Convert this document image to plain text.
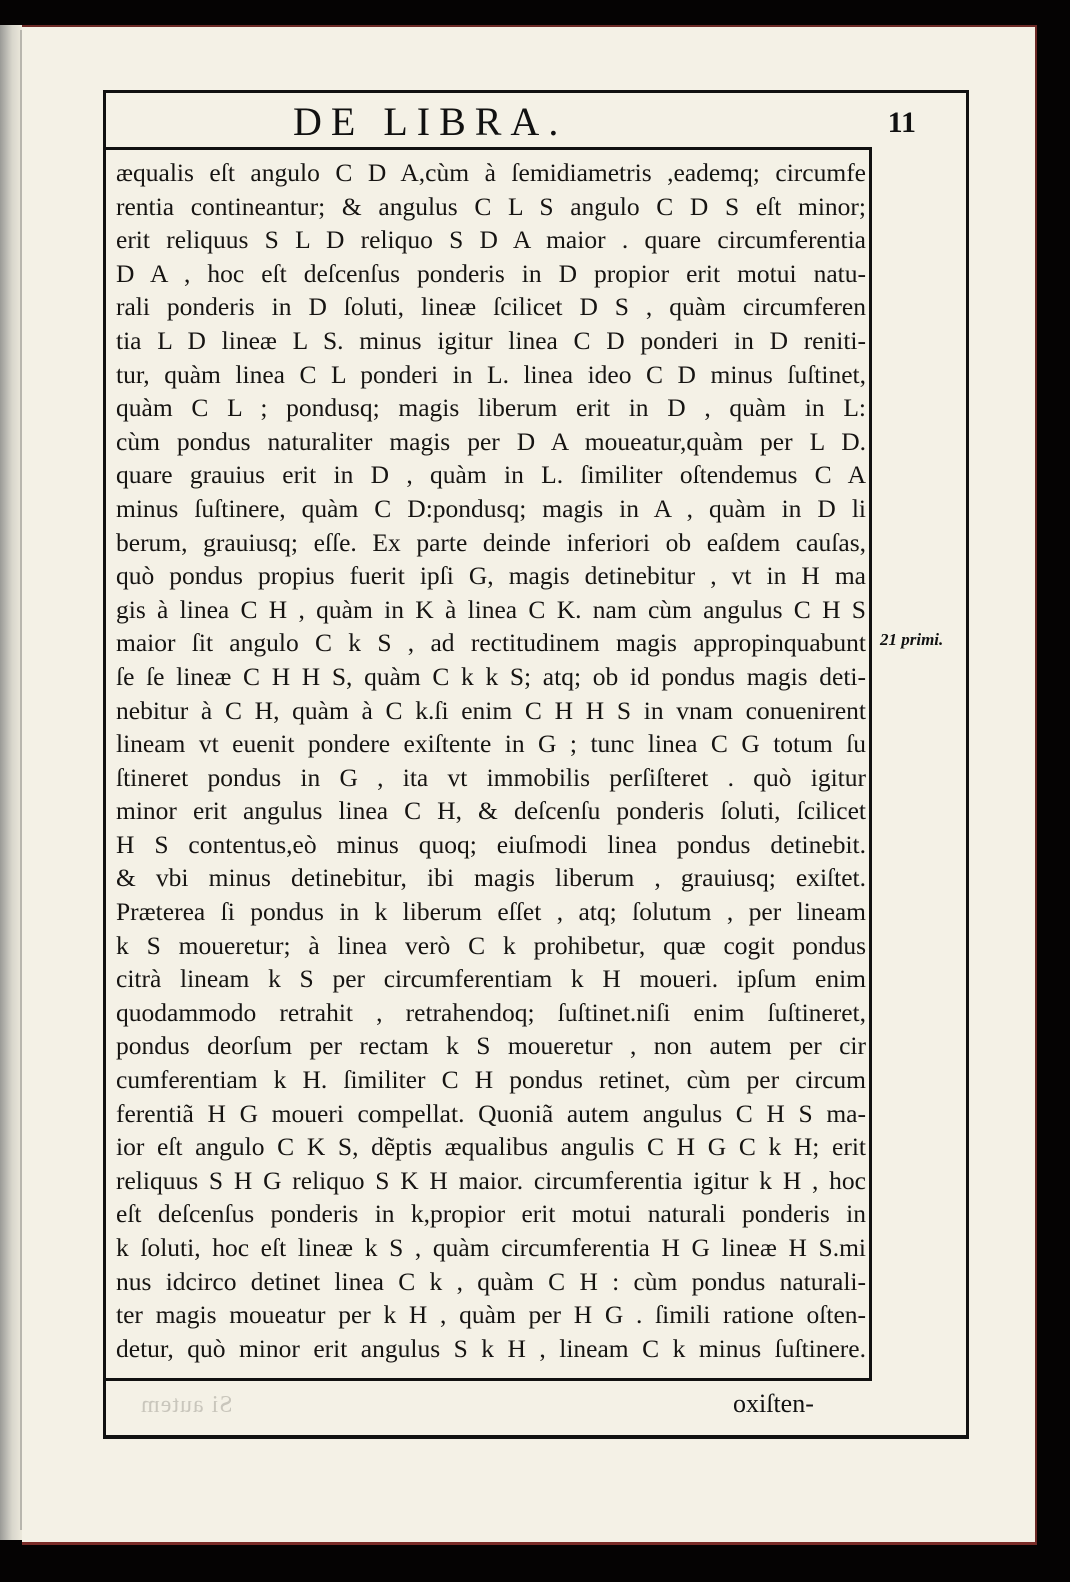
DE LIBRA.	11
æqualis eſt angulo C D A,cùm à ſemidiametris ,eademq; circumfe
rentia contineantur; & angulus C L S angulo C D S eſt minor;
erit reliquus S L D reliquo S D A maior . quare circumferentia
D A , hoc eſt deſcenſus ponderis in D propior erit motui natu-
rali ponderis in D ſoluti, lineæ ſcilicet D S , quàm circumferen
tia L D lineæ L S. minus igitur linea C D ponderi in D reniti-
tur, quàm linea C L ponderi in L. linea ideo C D minus ſuſtinet,
quàm C L ; pondusq; magis liberum erit in D , quàm in L:
cùm pondus naturaliter magis per D A moueatur,quàm per L D.
quare grauius erit in D , quàm in L. ſimiliter oſtendemus C A
minus ſuſtinere, quàm C D:pondusq; magis in A , quàm in D li
berum, grauiusq; eſſe. Ex parte deinde inferiori ob eaſdem cauſas,
quò pondus propius fuerit ipſi G, magis detinebitur , vt in H ma
gis à linea C H , quàm in K à linea C K. nam cùm angulus C H S
maior ſit angulo C k S , ad rectitudinem magis appropinquabunt
ſe ſe lineæ C H H S, quàm C k k S; atq; ob id pondus magis deti-
nebitur à C H, quàm à C k.ſi enim C H H S in vnam conuenirent
lineam vt euenit pondere exiſtente in G ; tunc linea C G totum ſu
ſtineret pondus in G , ita vt immobilis perſiſteret . quò igitur
minor erit angulus linea C H, & deſcenſu ponderis ſoluti, ſcilicet
H S contentus,eò minus quoq; eiuſmodi linea pondus detinebit.
& vbi minus detinebitur, ibi magis liberum , grauiusq; exiſtet.
Præterea ſi pondus in k liberum eſſet , atq; ſolutum , per lineam
k S moueretur; à linea verò C k prohibetur, quæ cogit pondus
citrà lineam k S per circumferentiam k H moueri. ipſum enim
quodammodo retrahit , retrahendoq; ſuſtinet.niſi enim ſuſtineret,
pondus deorſum per rectam k S moueretur , non autem per cir
cumferentiam k H. ſimiliter C H pondus retinet, cùm per circum
ferentiã H G moueri compellat. Quoniã autem angulus C H S ma-
ior eſt angulo C K S, dẽptis æqualibus angulis C H G C k H; erit
reliquus S H G reliquo S K H maior. circumferentia igitur k H , hoc
eſt deſcenſus ponderis in k,propior erit motui naturali ponderis in
k ſoluti, hoc eſt lineæ k S , quàm circumferentia H G lineæ H S.mi
nus idcirco detinet linea C k , quàm C H : cùm pondus naturali-
ter magis moueatur per k H , quàm per H G . ſimili ratione oſten-
detur, quò minor erit angulus S k H , lineam C k minus ſuſtinere.
21 primi.
Si autem	oxiſten-
